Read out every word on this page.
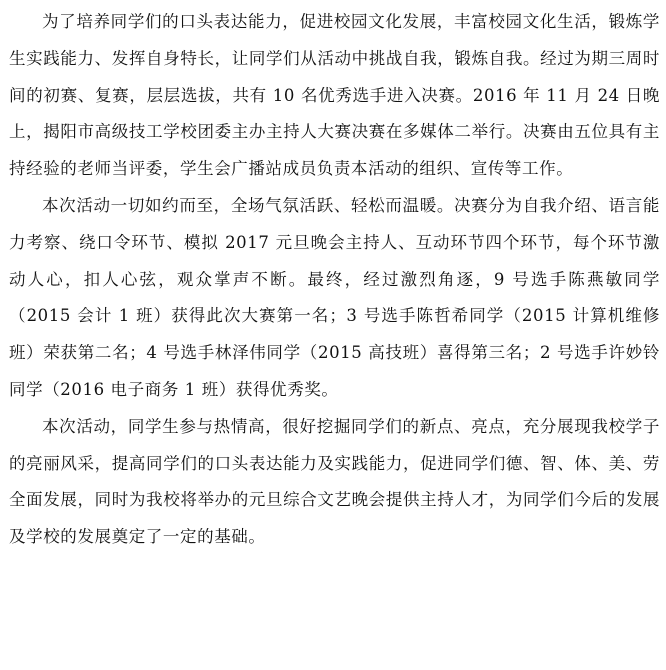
为了培养同学们的口头表达能力，促进校园文化发展，丰富校园文化生活，锻炼学生实践能力、发挥自身特长，让同学们从活动中挑战自我，锻炼自我。经过为期三周时间的初赛、复赛，层层选拔，共有 10 名优秀选手进入决赛。2016 年 11 月 24 日晚上，揭阳市高级技工学校团委主办主持人大赛决赛在多媒体二举行。决赛由五位具有主持经验的老师当评委，学生会广播站成员负责本活动的组织、宣传等工作。

本次活动一切如约而至，全场气氛活跃、轻松而温暖。决赛分为自我介绍、语言能力考察、绕口令环节、模拟 2017 元旦晚会主持人、互动环节四个环节，每个环节激动人心，扣人心弦，观众掌声不断。最终，经过激烈角逐，9 号选手陈燕敏同学（2015 会计 1 班）获得此次大赛第一名；3 号选手陈哲希同学（2015 计算机维修班）荣获第二名；4 号选手林泽伟同学（2015 高技班）喜得第三名；2 号选手许妙铃同学（2016 电子商务 1 班）获得优秀奖。

本次活动，同学生参与热情高，很好挖掘同学们的新点、亮点，充分展现我校学子的亮丽风采，提高同学们的口头表达能力及实践能力，促进同学们德、智、体、美、劳全面发展，同时为我校将举办的元旦综合文艺晚会提供主持人才，为同学们今后的发展及学校的发展奠定了一定的基础。
